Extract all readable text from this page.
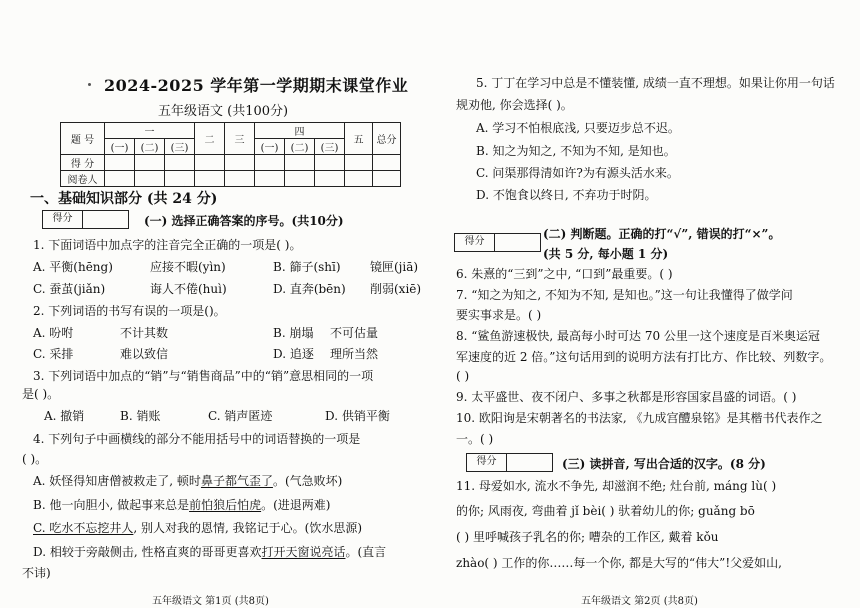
2024-2025 学年第一学期期末课堂作业
五年级语文 (共100分)
题 号	一			二	三	四			五	总分
	(一)	(二)	(三)			(一)	(二)	(三)		
得 分										
阅卷人										
一、基础知识部分 (共 24 分)
得分	(一) 选择正确答案的序号。(共10分)
1. 下面词语中加点字的注音完全正确的一项是( )。
A. 平衡(hēng)	应接不暇(yìn)	B. 篩子(shī) 镜匣(jiā)
C. 蚕茧(jiǎn)	诲人不倦(huì)	D. 直奔(bēn) 削弱(xiē)
2. 下列词语的书写有误的一项是()。
A. 吩咐	不计其数	B. 崩塌 不可估量
C. 采排	难以致信	D. 追逐 理所当然
3. 下列词语中加点的“销”与“销售商品”中的“销”意思相同的一项
是( )。
A. 撤销	B. 销账	C. 销声匿迹	D. 供销平衡
4. 下列句子中画横线的部分不能用括号中的词语替换的一项是
( )。
A. 妖怪得知唐僧被救走了, 顿时鼻子都气歪了。(气急败坏)
B. 他一向胆小, 做起事来总是前怕狼后怕虎。(进退两难)
C. 吃水不忘挖井人, 别人对我的恩情, 我铭记于心。(饮水思源)
D. 相较于旁敲侧击, 性格直爽的哥哥更喜欢打开天窗说亮话。(直言
不讳)
五年级语文 第1页 (共8页)
5. 丁丁在学习中总是不懂装懂, 成绩一直不理想。如果让你用一句话
规劝他, 你会选择( )。
A. 学习不怕根底浅, 只要迈步总不迟。
B. 知之为知之, 不知为不知, 是知也。
C. 问渠那得清如许?为有源头活水来。
D. 不饱食以终日, 不弃功于时阴。
得分
(二) 判断题。正确的打“√”, 错误的打“×”。
(共 5 分, 每小题 1 分)
6. 朱熹的“三到”之中, “口到”最重要。( )
7. “知之为知之, 不知为不知, 是知也。”这一句让我懂得了做学问
要实事求是。( )
8. “鲨鱼游速极快, 最高每小时可达 70 公里一这个速度是百米奥运冠
军速度的近 2 倍。”这句话用到的说明方法有打比方、作比较、列数字。
( )
9. 太平盛世、夜不闭户、多事之秋都是形容国家昌盛的词语。( )
10. 欧阳询是宋朝著名的书法家, 《九成宫醴泉铭》是其楷书代表作之
一。( )
得分	(三) 读拼音, 写出合适的汉字。(8 分)
11. 母爱如水, 流水不争先, 却滋润不绝; 灶台前, máng lù( )
的你; 风雨夜, 弯曲着 jǐ bèi( ) 驮着幼儿的你; guǎng bō
( ) 里呼喊孩子乳名的你; 嘈杂的工作区, 戴着 kǒu
zhào( ) 工作的你……每一个你, 都是大写的“伟大”!父爱如山,
五年级语文 第2页 (共8页)
